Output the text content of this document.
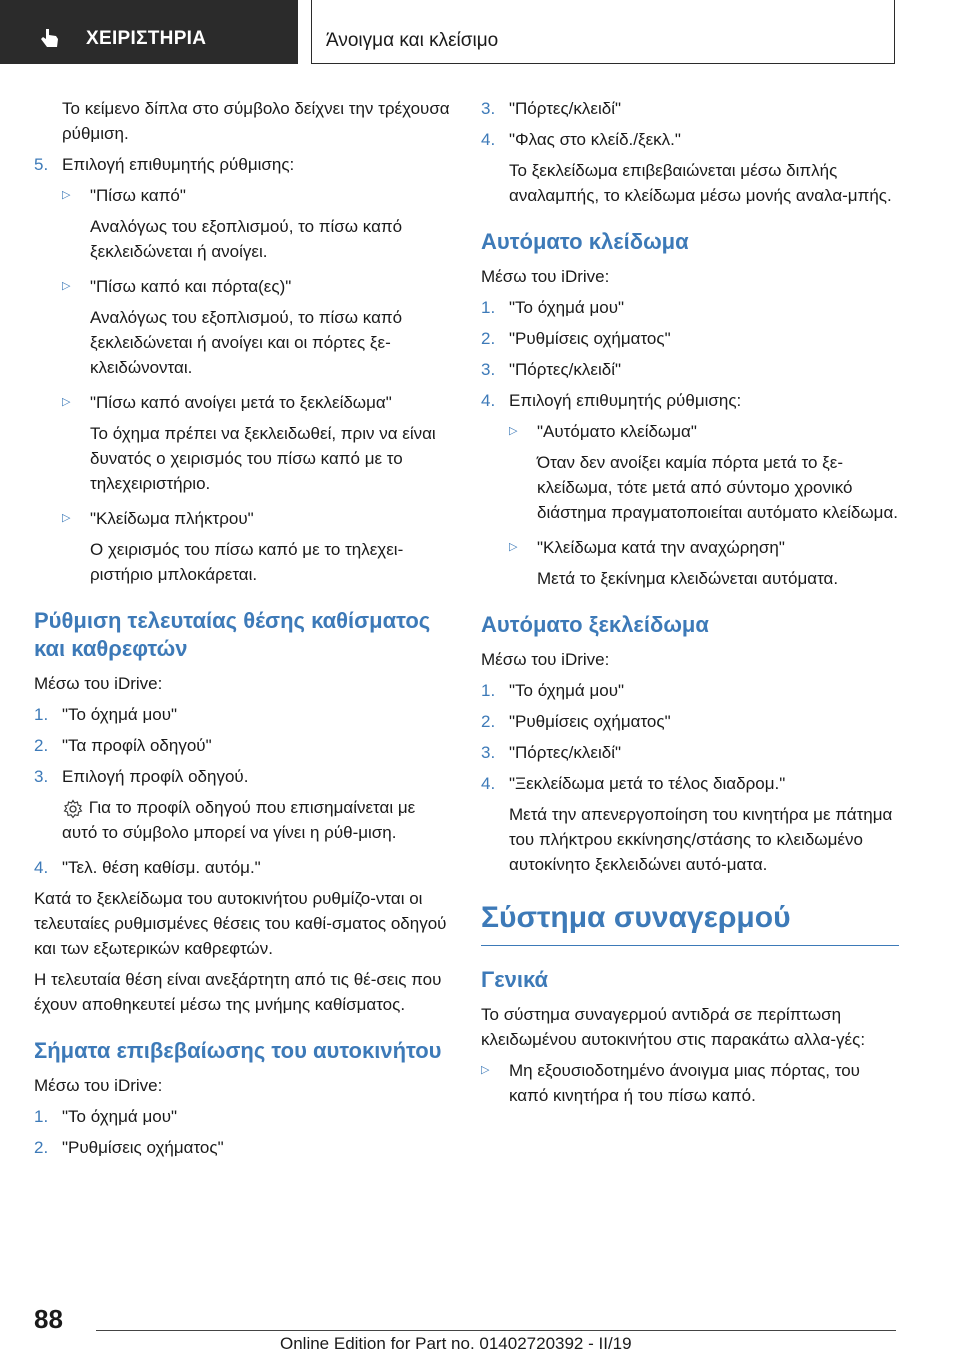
ΧΕΙΡΙΣΤΗΡΙΑ	Άνοιγμα και κλείσιμο
Το κείμενο δίπλα στο σύμβολο δείχνει την τρέχουσα ρύθμιση.
5. Επιλογή επιθυμητής ρύθμισης:
▷	"Πίσω καπό"
Αναλόγως του εξοπλισμού, το πίσω καπό ξεκλειδώνεται ή ανοίγει.
▷	"Πίσω καπό και πόρτα(ες)"
Αναλόγως του εξοπλισμού, το πίσω καπό ξεκλειδώνεται ή ανοίγει και οι πόρτες ξε-κλειδώνονται.
▷	"Πίσω καπό ανοίγει μετά το ξεκλείδωμα"
Το όχημα πρέπει να ξεκλειδωθεί, πριν να είναι δυνατός ο χειρισμός του πίσω καπό με το τηλεχειριστήριο.
▷	"Κλείδωμα πλήκτρου"
Ο χειρισμός του πίσω καπό με το τηλεχει-ριστήριο μπλοκάρεται.
Ρύθμιση τελευταίας θέσης καθίσματος και καθρεφτών
Μέσω του iDrive:
1. "Το όχημά μου"
2. "Τα προφίλ οδηγού"
3. Επιλογή προφίλ οδηγού.
Για το προφίλ οδηγού που επισημαίνεται με αυτό το σύμβολο μπορεί να γίνει η ρύθ-μιση.
4. "Τελ. θέση καθίσμ. αυτόμ."
Κατά το ξεκλείδωμα του αυτοκινήτου ρυθμίζο-νται οι τελευταίες ρυθμισμένες θέσεις του καθί-σματος οδηγού και των εξωτερικών καθρεφτών.
Η τελευταία θέση είναι ανεξάρτητη από τις θέ-σεις που έχουν αποθηκευτεί μέσω της μνήμης καθίσματος.
Σήματα επιβεβαίωσης του αυτοκινήτου
Μέσω του iDrive:
1. "Το όχημά μου"
2. "Ρυθμίσεις οχήματος"
3. "Πόρτες/κλειδί"
4. "Φλας στο κλείδ./ξεκλ."
Το ξεκλείδωμα επιβεβαιώνεται μέσω διπλής αναλαμπής, το κλείδωμα μέσω μονής αναλα-μπής.
Αυτόματο κλείδωμα
Μέσω του iDrive:
1. "Το όχημά μου"
2. "Ρυθμίσεις οχήματος"
3. "Πόρτες/κλειδί"
4. Επιλογή επιθυμητής ρύθμισης:
▷	"Αυτόματο κλείδωμα"
Όταν δεν ανοίξει καμία πόρτα μετά το ξε-κλείδωμα, τότε μετά από σύντομο χρονικό διάστημα πραγματοποιείται αυτόματο κλείδωμα.
▷	"Κλείδωμα κατά την αναχώρηση"
Μετά το ξεκίνημα κλειδώνεται αυτόματα.
Αυτόματο ξεκλείδωμα
Μέσω του iDrive:
1. "Το όχημά μου"
2. "Ρυθμίσεις οχήματος"
3. "Πόρτες/κλειδί"
4. "Ξεκλείδωμα μετά το τέλος διαδρομ."
Μετά την απενεργοποίηση του κινητήρα με πάτημα του πλήκτρου εκκίνησης/στάσης το κλειδωμένο αυτοκίνητο ξεκλειδώνει αυτό-ματα.
Σύστημα συναγερμού
Γενικά
Το σύστημα συναγερμού αντιδρά σε περίπτωση κλειδωμένου αυτοκινήτου στις παρακάτω αλλα-γές:
▷	Μη εξουσιοδοτημένο άνοιγμα μιας πόρτας, του καπό κινητήρα ή του πίσω καπό.
88
Online Edition for Part no. 01402720392 - II/19
